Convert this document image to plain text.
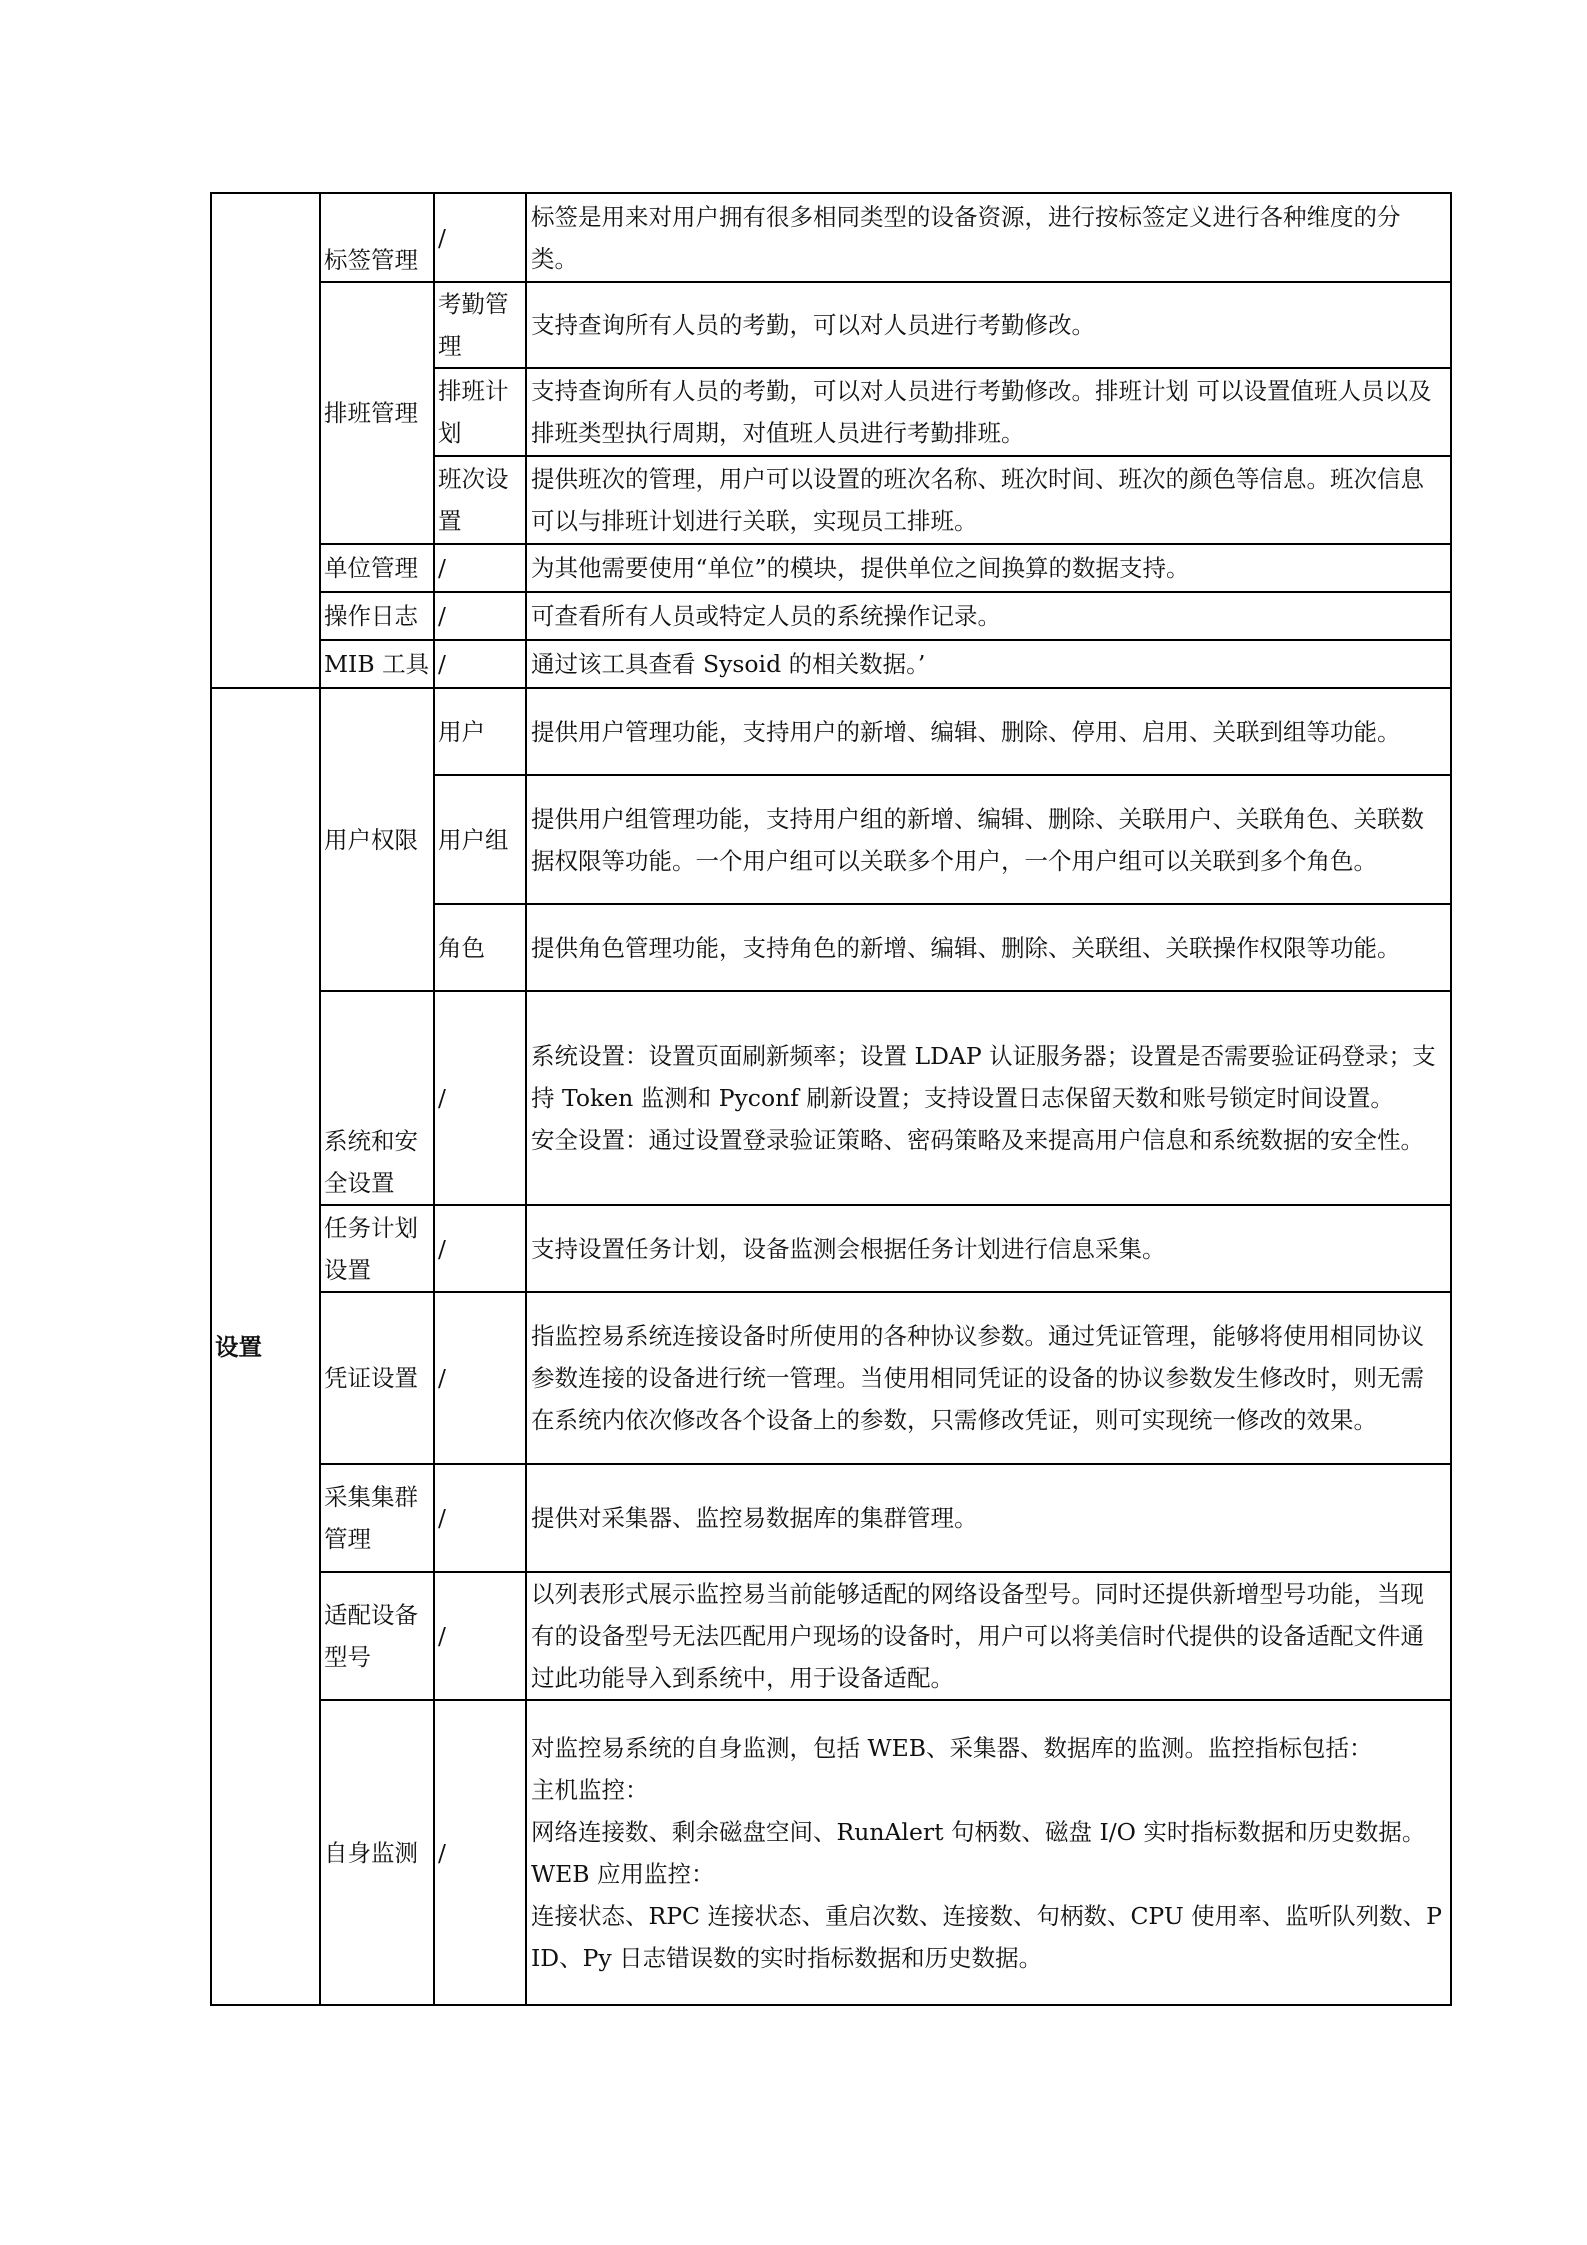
	标签管理	/	标签是用来对用户拥有很多相同类型的设备资源，进行按标签定义进行各种维度的分类。

	排班管理	考勤管理	支持查询所有人员的考勤，可以对人员进行考勤修改。

		排班计划	支持查询所有人员的考勤，可以对人员进行考勤修改。排班计划 可以设置值班人员以及排班类型执行周期，对值班人员进行考勤排班。

		班次设置	提供班次的管理，用户可以设置的班次名称、班次时间、班次的颜色等信息。班次信息可以与排班计划进行关联，实现员工排班。

	单位管理	/	为其他需要使用“单位”的模块，提供单位之间换算的数据支持。

	操作日志	/	可查看所有人员或特定人员的系统操作记录。

	MIB 工具	/	通过该工具查看 Sysoid 的相关数据。’

设置	用户权限	用户	提供用户管理功能，支持用户的新增、编辑、删除、停用、启用、关联到组等功能。

		用户组	提供用户组管理功能，支持用户组的新增、编辑、删除、关联用户、关联角色、关联数据权限等功能。一个用户组可以关联多个用户，一个用户组可以关联到多个角色。

		角色	提供角色管理功能，支持角色的新增、编辑、删除、关联组、关联操作权限等功能。

	系统和安全设置	/	系统设置：设置页面刷新频率；设置 LDAP 认证服务器；设置是否需要验证码登录；支持 Token 监测和 Pyconf 刷新设置；支持设置日志保留天数和账号锁定时间设置。
安全设置：通过设置登录验证策略、密码策略及来提高用户信息和系统数据的安全性。

	任务计划设置	/	支持设置任务计划，设备监测会根据任务计划进行信息采集。

	凭证设置	/	指监控易系统连接设备时所使用的各种协议参数。通过凭证管理，能够将使用相同协议参数连接的设备进行统一管理。当使用相同凭证的设备的协议参数发生修改时，则无需在系统内依次修改各个设备上的参数，只需修改凭证，则可实现统一修改的效果。

	采集集群管理	/	提供对采集器、监控易数据库的集群管理。

	适配设备型号	/	以列表形式展示监控易当前能够适配的网络设备型号。同时还提供新增型号功能，当现有的设备型号无法匹配用户现场的设备时，用户可以将美信时代提供的设备适配文件通过此功能导入到系统中，用于设备适配。

	自身监测	/	对监控易系统的自身监测，包括 WEB、采集器、数据库的监测。监控指标包括：
主机监控：
网络连接数、剩余磁盘空间、RunAlert 句柄数、磁盘 I/O 实时指标数据和历史数据。
WEB 应用监控：
连接状态、RPC 连接状态、重启次数、连接数、句柄数、CPU 使用率、监听队列数、PID、Py 日志错误数的实时指标数据和历史数据。
